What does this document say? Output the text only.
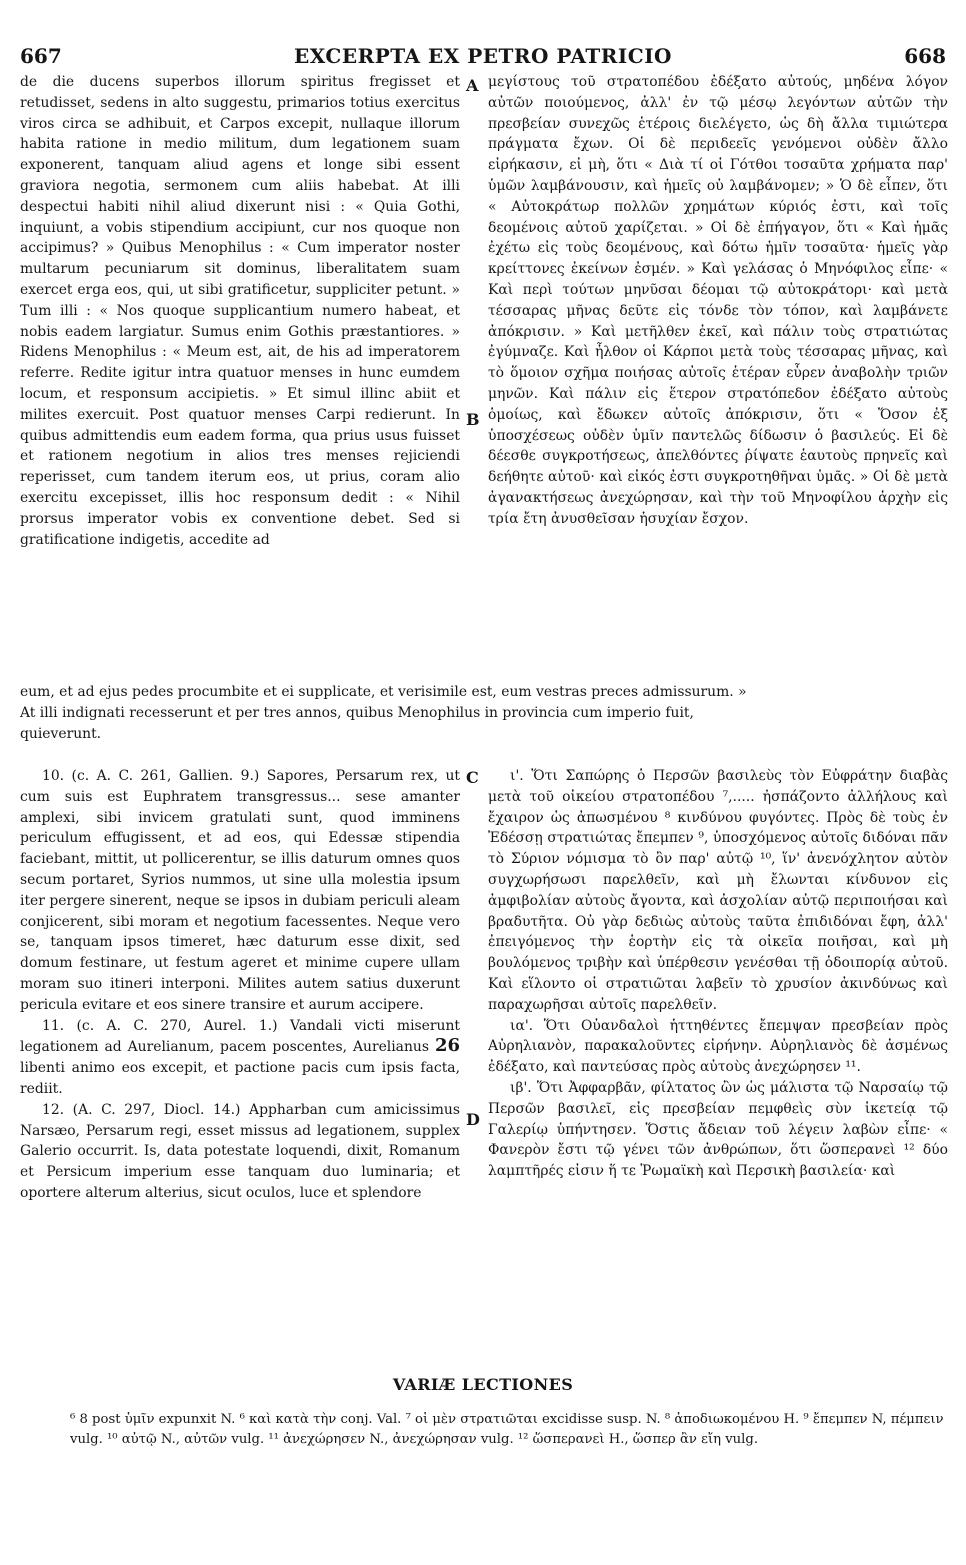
667	EXCERPTA EX PETRO PATRICIO	668
A
B
C
D

de die ducens superbos illorum spiritus fregisset et retudisset, sedens in alto suggestu, primarios totius exercitus viros circa se adhibuit, et Carpos excepit, nullaque illorum habita ratione in medio militum, dum legationem suam exponerent, tanquam aliud agens et longe sibi essent graviora negotia, sermonem cum aliis habebat. At illi despectui habiti nihil aliud dixerunt nisi : « Quia Gothi, inquiunt, a vobis stipendium accipiunt, cur nos quoque non accipimus? » Quibus Menophilus : « Cum imperator noster multarum pecuniarum sit dominus, liberalitatem suam exercet erga eos, qui, ut sibi gratificetur, suppliciter petunt. » Tum illi : « Nos quoque supplicantium numero habeat, et nobis eadem largiatur. Sumus enim Gothis præstantiores. » Ridens Menophilus : « Meum est, ait, de his ad imperatorem referre. Redite igitur intra quatuor menses in hunc eumdem locum, et responsum accipietis. » Et simul illinc abiit et milites exercuit. Post quatuor menses Carpi redierunt. In quibus admittendis eum eadem forma, qua prius usus fuisset et rationem negotium in alios tres menses rejiciendi reperisset, cum tandem iterum eos, ut prius, coram alio exercitu excepisset, illis hoc responsum dedit : « Nihil prorsus imperator vobis ex conventione debet. Sed si gratificatione indigetis, accedite ad

μεγίστους τοῦ στρατοπέδου ἐδέξατο αὐτούς, μηδένα λόγον αὐτῶν ποιούμενος, ἀλλ' ἐν τῷ μέσῳ λεγόντων αὐτῶν τὴν πρεσβείαν συνεχῶς ἑτέροις διελέγετο, ὡς δὴ ἄλλα τιμιώτερα πράγματα ἔχων. Οἱ δὲ περιδεεῖς γενόμενοι οὐδὲν ἄλλο εἰρήκασιν, εἰ μὴ, ὅτι « Διὰ τί οἱ Γότθοι τοσαῦτα χρήματα παρ' ὑμῶν λαμβάνουσιν, καὶ ἡμεῖς οὐ λαμβάνομεν; » Ὁ δὲ εἶπεν, ὅτι « Αὐτοκράτωρ πολλῶν χρημάτων κύριός ἐστι, καὶ τοῖς δεομένοις αὐτοῦ χαρίζεται. » Οἱ δὲ ἐπήγαγον, ὅτι « Καὶ ἡμᾶς ἐχέτω εἰς τοὺς δεομένους, καὶ δότω ἡμῖν τοσαῦτα· ἡμεῖς γὰρ κρείττονες ἐκείνων ἐσμέν. » Καὶ γελάσας ὁ Μηνόφιλος εἶπε· « Καὶ περὶ τούτων μηνῦσαι δέομαι τῷ αὐτοκράτορι· καὶ μετὰ τέσσαρας μῆνας δεῦτε εἰς τόνδε τὸν τόπον, καὶ λαμβάνετε ἀπόκρισιν. » Καὶ μετῆλθεν ἐκεῖ, καὶ πάλιν τοὺς στρατιώτας ἐγύμναζε. Καὶ ἦλθον οἱ Κάρποι μετὰ τοὺς τέσσαρας μῆνας, καὶ τὸ ὅμοιον σχῆμα ποιήσας αὐτοῖς ἑτέραν εὗρεν ἀναβολὴν τριῶν μηνῶν. Καὶ πάλιν εἰς ἕτερον στρατόπεδον ἐδέξατο αὐτοὺς ὁμοίως, καὶ ἔδωκεν αὐτοῖς ἀπόκρισιν, ὅτι « Ὅσον ἐξ ὑποσχέσεως οὐδὲν ὑμῖν παντελῶς δίδωσιν ὁ βασιλεύς. Εἰ δὲ δέεσθε συγκροτήσεως, ἀπελθόντες ῥίψατε ἑαυτοὺς πρηνεῖς καὶ δεήθητε αὐτοῦ· καὶ εἰκός ἐστι συγκροτηθῆναι ὑμᾶς. » Οἱ δὲ μετὰ ἀγανακτήσεως ἀνεχώρησαν, καὶ τὴν τοῦ Μηνοφίλου ἀρχὴν εἰς τρία ἔτη ἀνυσθεῖσαν ἡσυχίαν ἔσχον.

eum, et ad ejus pedes procumbite et ei supplicate, et verisimile est, eum vestras preces admissurum. »

At illi indignati recesserunt et per tres annos, quibus Menophilus in provincia cum imperio fuit,

quieverunt.

10. (c. A. C. 261, Gallien. 9.) Sapores, Persarum rex, ut cum suis est Euphratem transgressus... sese amanter amplexi, sibi invicem gratulati sunt, quod imminens periculum effugissent, et ad eos, qui Edessæ stipendia faciebant, mittit, ut pollicerentur, se illis daturum omnes quos secum portaret, Syrios nummos, ut sine ulla molestia ipsum iter pergere sinerent, neque se ipsos in dubiam periculi aleam conjicerent, sibi moram et negotium facessentes. Neque vero se, tanquam ipsos timeret, hæc daturum esse dixit, sed domum festinare, ut festum ageret et minime cupere ullam moram suo itineri interponi. Milites autem satius duxerunt pericula evitare et eos sinere transire et aurum accipere.

11. (c. A. C. 270, Aurel. 1.) Vandali victi miserunt legationem ad Aurelianum, pacem poscentes, Aurelianus 26 libenti animo eos excepit, et pactione pacis cum ipsis facta, rediit.

12. (A. C. 297, Diocl. 14.) Appharban cum amicissimus Narsæo, Persarum regi, esset missus ad legationem, supplex Galerio occurrit. Is, data potestate loquendi, dixit, Romanum et Persicum imperium esse tanquam duo luminaria; et oportere alterum alterius, sicut oculos, luce et splendore

ι'. Ὅτι Σαπώρης ὁ Περσῶν βασιλεὺς τὸν Εὐφράτην διαβὰς μετὰ τοῦ οἰκείου στρατοπέδου ⁷,..... ἠσπάζοντο ἀλλήλους καὶ ἔχαιρον ὡς ἀπωσμένου ⁸ κινδύνου φυγόντες. Πρὸς δὲ τοὺς ἐν Ἐδέσσῃ στρατιώτας ἔπεμπεν ⁹, ὑποσχόμενος αὐτοῖς διδόναι πᾶν τὸ Σύριον νόμισμα τὸ ὂν παρ' αὐτῷ ¹⁰, ἵν' ἀνενόχλητον αὐτὸν συγχωρήσωσι παρελθεῖν, καὶ μὴ ἔλωνται κίνδυνον εἰς ἀμφιβολίαν αὐτοὺς ἄγοντα, καὶ ἀσχολίαν αὐτῷ περιποιήσαι καὶ βραδυτῆτα. Οὐ γὰρ δεδιὼς αὐτοὺς ταῦτα ἐπιδιδόναι ἔφη, ἀλλ' ἐπειγόμενος τὴν ἑορτὴν εἰς τὰ οἰκεῖα ποιῆσαι, καὶ μὴ βουλόμενος τριβὴν καὶ ὑπέρθεσιν γενέσθαι τῇ ὁδοιπορίᾳ αὐτοῦ. Καὶ εἵλοντο οἱ στρατιῶται λαβεῖν τὸ χρυσίον ἀκινδύνως καὶ παραχωρῆσαι αὐτοῖς παρελθεῖν.

ια'. Ὅτι Οὐανδαλοὶ ἡττηθέντες ἔπεμψαν πρεσβείαν πρὸς Αὐρηλιανὸν, παρακαλοῦντες εἰρήνην. Αὐρηλιανὸς δὲ ἀσμένως ἐδέξατο, καὶ παντεύσας πρὸς αὐτοὺς ἀνεχώρησεν ¹¹.

ιβ'. Ὅτι Ἀφφαρβᾶν, φίλτατος ὢν ὡς μάλιστα τῷ Ναρσαίῳ τῷ Περσῶν βασιλεῖ, εἰς πρεσβείαν πεμφθεὶς σὺν ἱκετείᾳ τῷ Γαλερίῳ ὑπήντησεν. Ὅστις ἄδειαν τοῦ λέγειν λαβὼν εἶπε· « Φανερὸν ἔστι τῷ γένει τῶν ἀνθρώπων, ὅτι ὥσπερανεὶ ¹² δύο λαμπτῆρές εἰσιν ἥ τε Ῥωμαϊκὴ καὶ Περσικὴ βασιλεία· καὶ

VARIÆ LECTIONES
⁶ 8 post ὑμῖν expunxit N. ⁶ καὶ κατὰ τὴν conj. Val. ⁷ οἱ μὲν στρατιῶται excidisse susp. N. ⁸ ἀποδιωκομένου H. ⁹ ἔπεμπεν N, πέμπειν vulg. ¹⁰ αὐτῷ N., αὐτῶν vulg. ¹¹ ἀνεχώρησεν N., ἀνεχώρησαν vulg. ¹² ὥσπερανεὶ H., ὥσπερ ἂν εἴη vulg.
